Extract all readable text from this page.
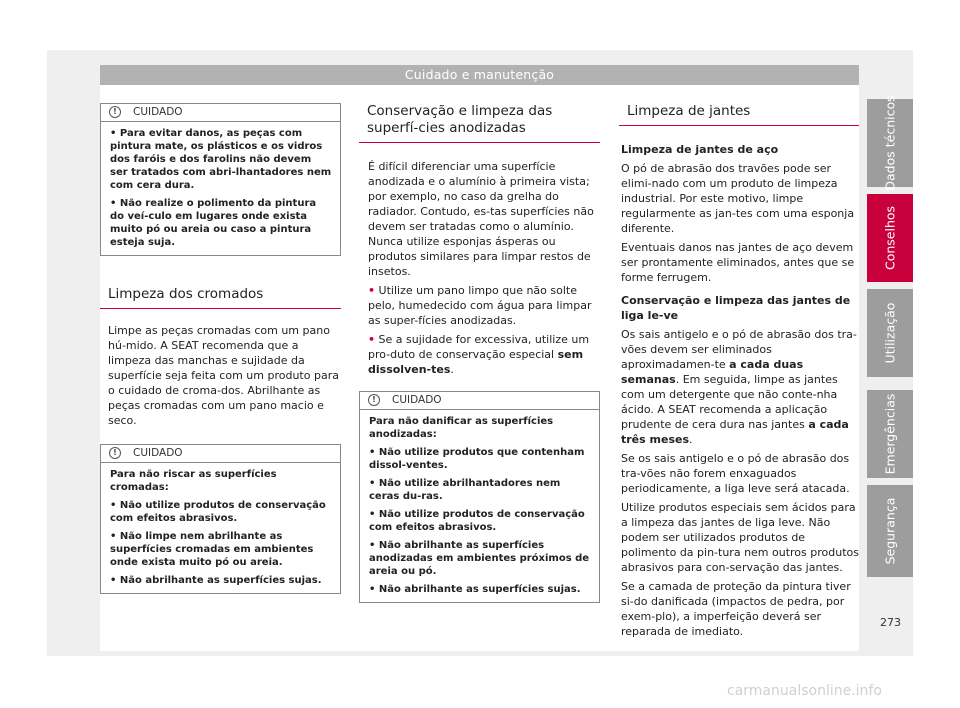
Cuidado e manutenção
! CUIDADO

• Para evitar danos, as peças com pintura mate, os plásticos e os vidros dos faróis e dos farolins não devem ser tratados com abri-lhantadores nem com cera dura.

• Não realize o polimento da pintura do veí-culo em lugares onde exista muito pó ou areia ou caso a pintura esteja suja.

Limpeza dos cromados
Limpe as peças cromadas com um pano hú-mido. A SEAT recomenda que a limpeza das manchas e sujidade da superfície seja feita com um produto para o cuidado de croma-dos. Abrilhante as peças cromadas com um pano macio e seco.
! CUIDADO

Para não riscar as superfícies cromadas:

• Não utilize produtos de conservação com efeitos abrasivos.

• Não limpe nem abrilhante as superfícies cromadas em ambientes onde exista muito pó ou areia.

• Não abrilhante as superfícies sujas.

Conservação e limpeza das superfí-cies anodizadas

É difícil diferenciar uma superfície anodizada e o alumínio à primeira vista; por exemplo, no caso da grelha do radiador. Contudo, es-tas superfícies não devem ser tratadas como o alumínio. Nunca utilize esponjas ásperas ou produtos similares para limpar restos de insetos.

• Utilize um pano limpo que não solte pelo, humedecido com água para limpar as super-fícies anodizadas.

• Se a sujidade for excessiva, utilize um pro-duto de conservação especial sem dissolven-tes.

! CUIDADO

Para não danificar as superfícies anodizadas:

• Não utilize produtos que contenham dissol-ventes.

• Não utilize abrilhantadores nem ceras du-ras.

• Não utilize produtos de conservação com efeitos abrasivos.

• Não abrilhante as superfícies anodizadas em ambientes próximos de areia ou pó.

• Não abrilhante as superfícies sujas.

Limpeza de jantes

Limpeza de jantes de aço

O pó de abrasão dos travões pode ser elimi-nado com um produto de limpeza industrial. Por este motivo, limpe regularmente as jan-tes com uma esponja diferente.

Eventuais danos nas jantes de aço devem ser prontamente eliminados, antes que se forme ferrugem.

Conservação e limpeza das jantes de liga le-ve

Os sais antigelo e o pó de abrasão dos tra-vões devem ser eliminados aproximadamen-te a cada duas semanas. Em seguida, limpe as jantes com um detergente que não conte-nha ácido. A SEAT recomenda a aplicação prudente de cera dura nas jantes a cada três meses.

Se os sais antigelo e o pó de abrasão dos tra-vões não forem enxaguados periodicamente, a liga leve será atacada.

Utilize produtos especiais sem ácidos para a limpeza das jantes de liga leve. Não podem ser utilizados produtos de polimento da pin-tura nem outros produtos abrasivos para con-servação das jantes.

Se a camada de proteção da pintura tiver si-do danificada (impactos de pedra, por exem-plo), a imperfeição deverá ser reparada de imediato.

Dados técnicos
Conselhos
Utilização
Emergências
Segurança
273
carmanualsonline.info
